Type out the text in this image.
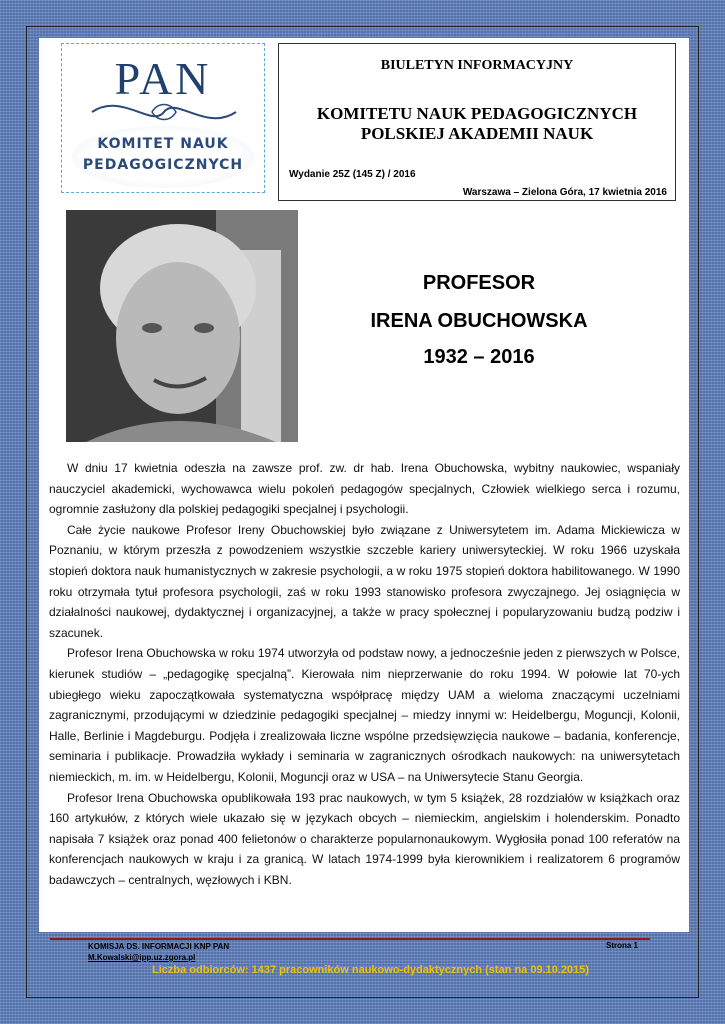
PAN
KOMITET NAUK
PEDAGOGICZNYCH
BIULETYN INFORMACYJNY
KOMITETU NAUK PEDAGOGICZNYCH
POLSKIEJ AKADEMII NAUK
Wydanie 25Z (145 Z) / 2016
Warszawa – Zielona Góra, 17 kwietnia 2016
PROFESOR
IRENA OBUCHOWSKA
1932 – 2016

W dniu 17 kwietnia odeszła na zawsze prof. zw. dr hab. Irena Obuchowska, wybitny naukowiec, wspaniały nauczyciel akademicki, wychowawca wielu pokoleń pedagogów specjalnych, Człowiek wielkiego serca i rozumu, ogromnie zasłużony dla polskiej pedagogiki specjalnej i psychologii.

Całe życie naukowe Profesor Ireny Obuchowskiej było związane z Uniwersytetem im. Adama Mickiewicza w Poznaniu, w którym przeszła z powodzeniem wszystkie szczeble kariery uniwersyteckiej. W roku 1966 uzyskała stopień doktora nauk humanistycznych w zakresie psychologii, a w roku 1975 stopień doktora habilitowanego. W 1990 roku otrzymała tytuł profesora psychologii, zaś w roku 1993 stanowisko profesora zwyczajnego. Jej osiągnięcia w działalności naukowej, dydaktycznej i organizacyjnej, a także w pracy społecznej i popularyzowaniu budzą podziw i szacunek.

Profesor Irena Obuchowska w roku 1974 utworzyła od podstaw nowy, a jednocześnie jeden z pierwszych w Polsce, kierunek studiów – „pedagogikę specjalną”. Kierowała nim nieprzerwanie do roku 1994. W połowie lat 70-ych ubiegłego wieku zapoczątkowała systematyczna współpracę między UAM a wieloma znaczącymi uczelniami zagranicznymi, przodującymi w dziedzinie pedagogiki specjalnej – miedzy innymi w: Heidelbergu, Moguncji, Kolonii, Halle, Berlinie i Magdeburgu. Podjęła i zrealizowała liczne wspólne przedsięwzięcia naukowe – badania, konferencje, seminaria i publikacje. Prowadziła wykłady i seminaria w zagranicznych ośrodkach naukowych: na uniwersytetach niemieckich, m. im. w Heidelbergu, Kolonii, Moguncji oraz w USA – na Uniwersytecie Stanu Georgia.

Profesor Irena Obuchowska opublikowała 193 prac naukowych, w tym 5 książek, 28 rozdziałów w książkach oraz 160 artykułów, z których wiele ukazało się w językach obcych – niemieckim, angielskim i holenderskim. Ponadto napisała 7 książek oraz ponad 400 felietonów o charakterze popularnonaukowym. Wygłosiła ponad 100 referatów na konferencjach naukowych w kraju i za granicą. W latach 1974-1999 była kierownikiem i realizatorem 6 programów badawczych – centralnych, węzłowych i KBN.

KOMISJA DS. INFORMACJI KNP PAN
M.Kowalski@ipp.uz.zgora.pl
Strona 1
Liczba odbiorców: 1437 pracowników naukowo-dydaktycznych (stan na 09.10.2015)
